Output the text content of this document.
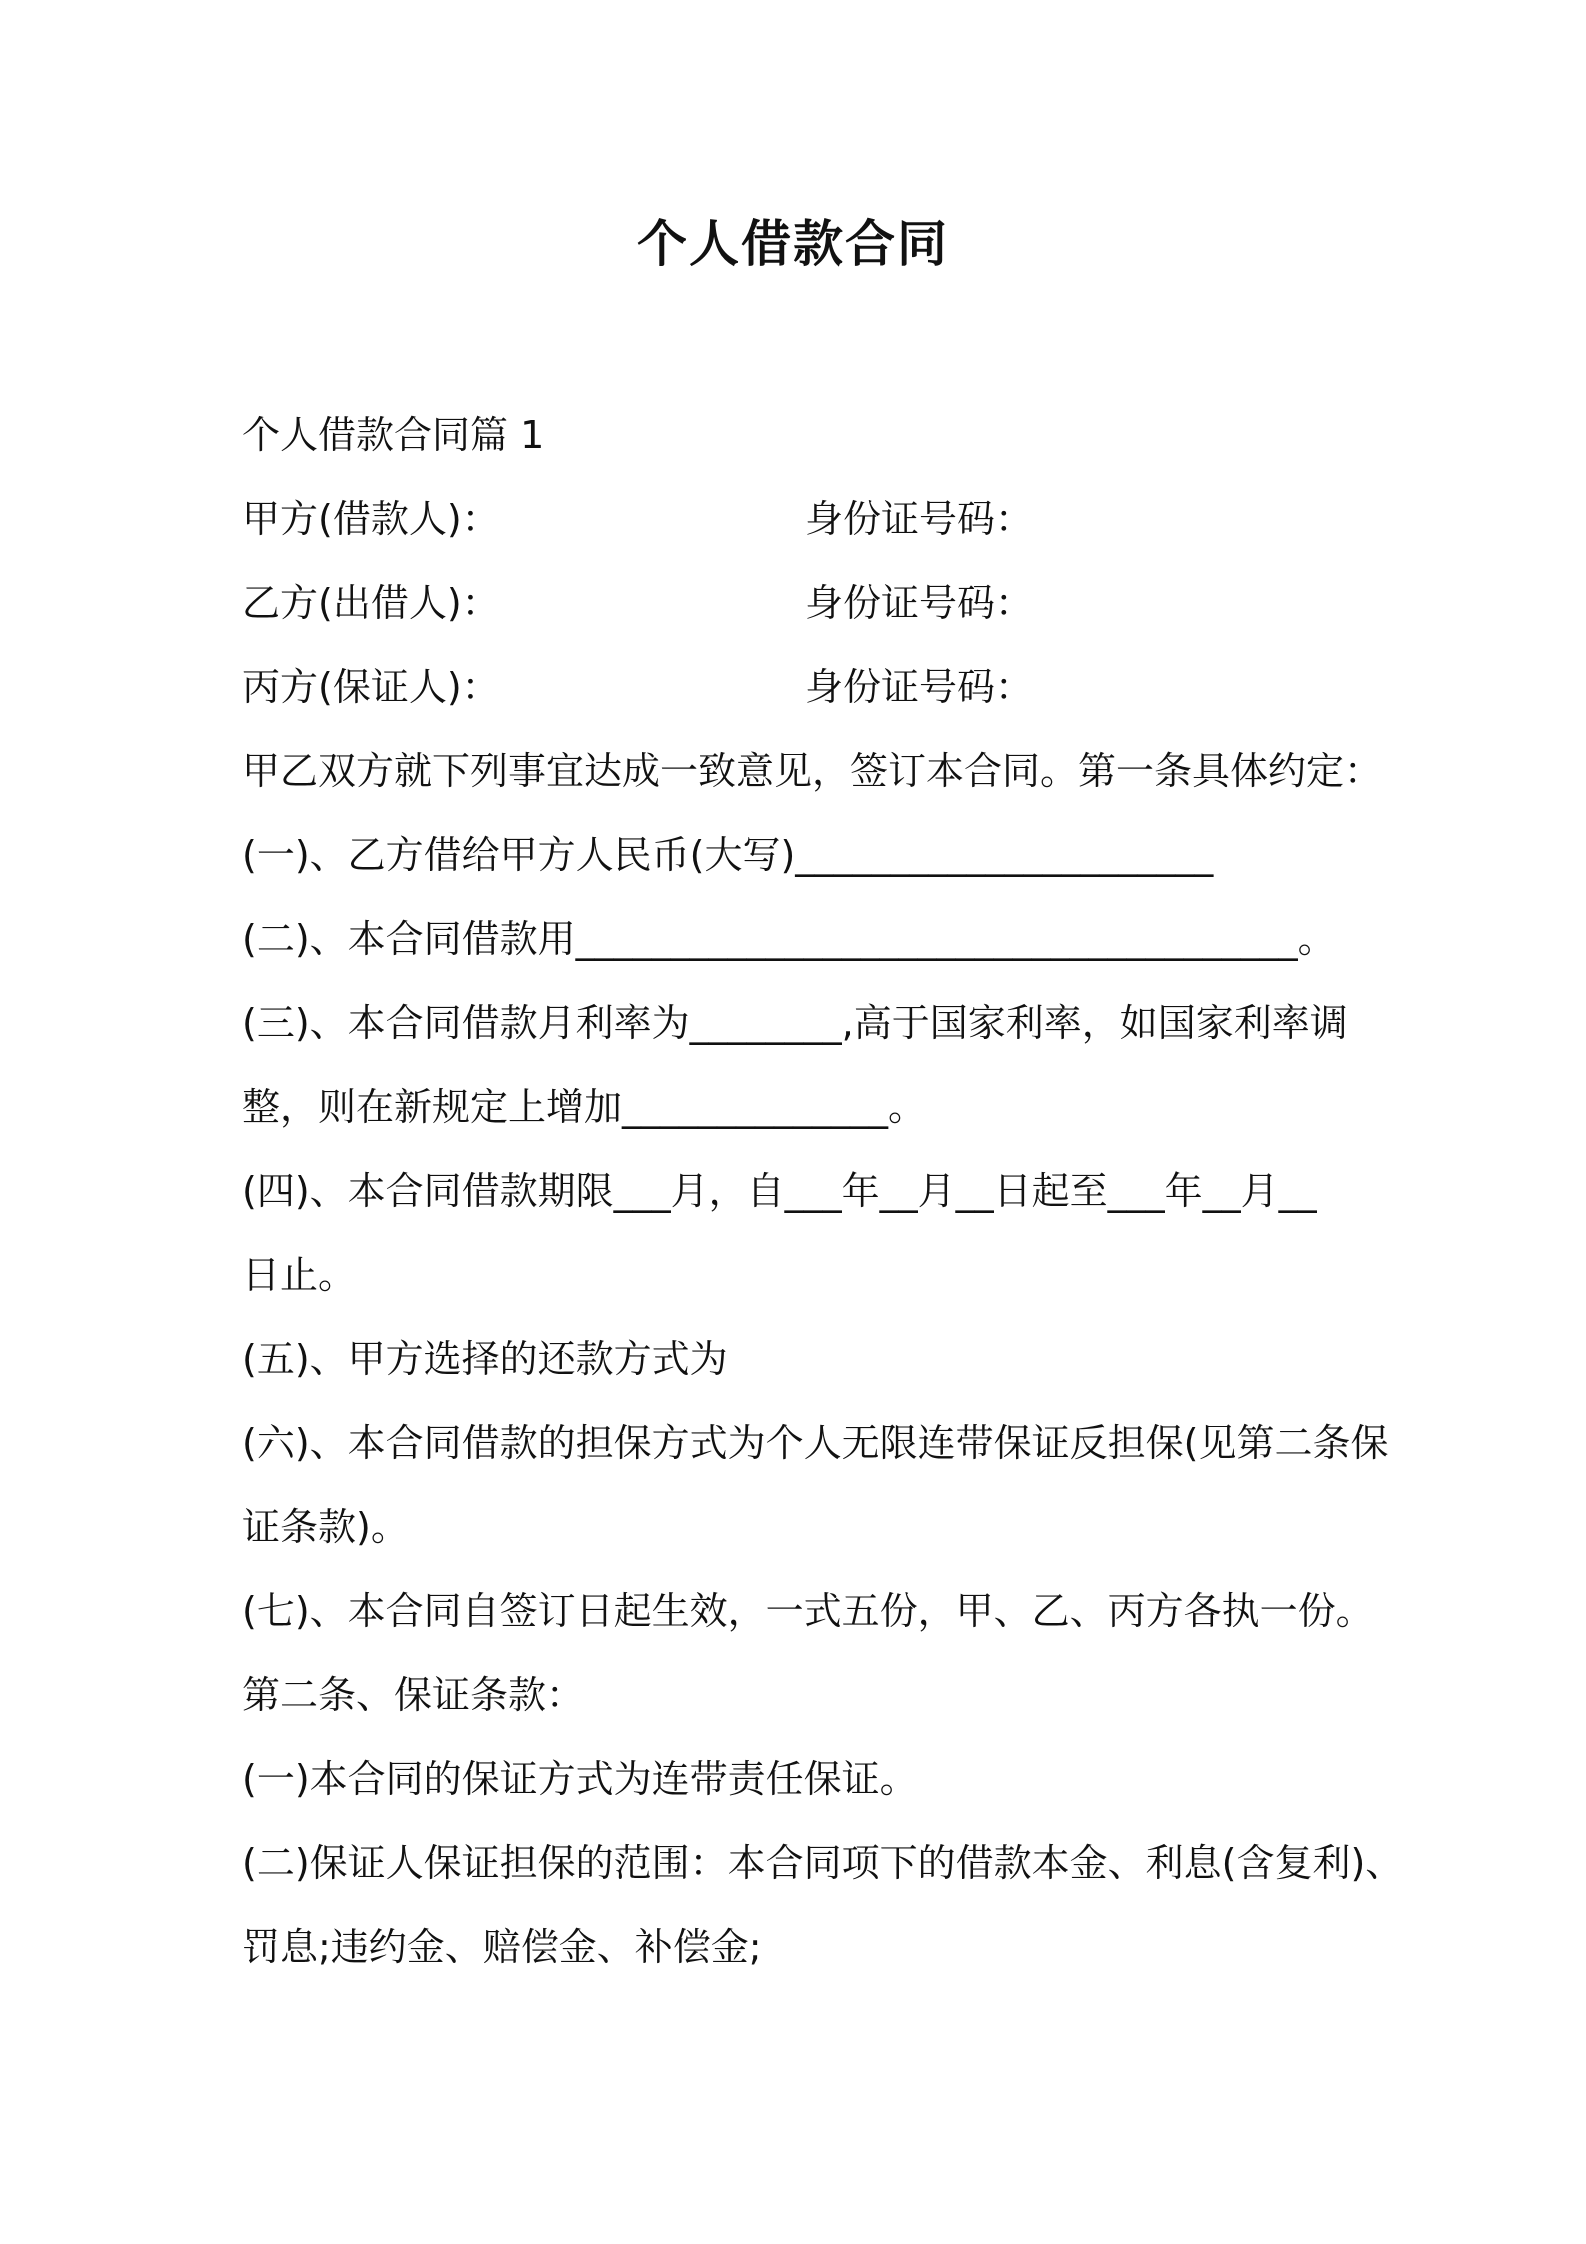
个人借款合同

个人借款合同篇 1

甲方(借款人)：	身份证号码：
乙方(出借人)：	身份证号码：
丙方(保证人)：	身份证号码：

甲乙双方就下列事宜达成一致意见，签订本合同。第一条具体约定：

(一)、乙方借给甲方人民币(大写)______________________

(二)、本合同借款用______________________________________。

(三)、本合同借款月利率为________,高于国家利率，如国家利率调

整，则在新规定上增加______________。

(四)、本合同借款期限___月，自___年__月__日起至___年__月__

日止。

(五)、甲方选择的还款方式为

(六)、本合同借款的担保方式为个人无限连带保证反担保(见第二条保

证条款)。

(七)、本合同自签订日起生效，一式五份，甲、乙、丙方各执一份。

第二条、保证条款：

(一)本合同的保证方式为连带责任保证。

(二)保证人保证担保的范围：本合同项下的借款本金、利息(含复利)、

罚息;违约金、赔偿金、补偿金;
